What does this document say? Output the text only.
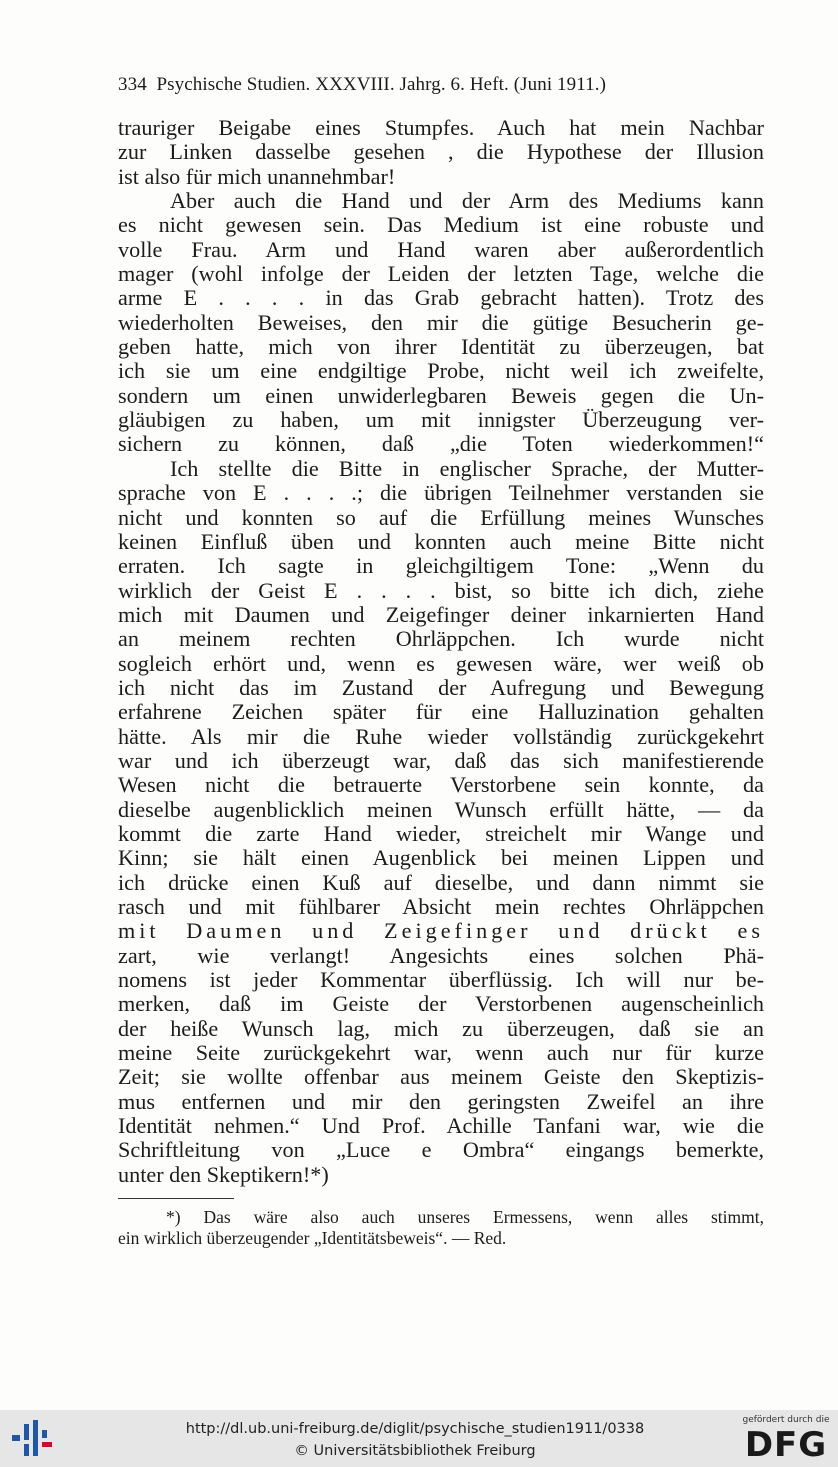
334 Psychische Studien. XXXVIII. Jahrg. 6. Heft. (Juni 1911.)
trauriger Beigabe eines Stumpfes. Auch hat mein Nachbar
zur Linken dasselbe gesehen , die Hypothese der Illusion
ist also für mich unannehmbar!
Aber auch die Hand und der Arm des Mediums kann
es nicht gewesen sein. Das Medium ist eine robuste und
volle Frau. Arm und Hand waren aber außerordentlich
mager (wohl infolge der Leiden der letzten Tage, welche die
arme E . . . . in das Grab gebracht hatten). Trotz des
wiederholten Beweises, den mir die gütige Besucherin ge-
geben hatte, mich von ihrer Identität zu überzeugen, bat
ich sie um eine endgiltige Probe, nicht weil ich zweifelte,
sondern um einen unwiderlegbaren Beweis gegen die Un-
gläubigen zu haben, um mit innigster Überzeugung ver-
sichern zu können, daß „die Toten wiederkommen!“
Ich stellte die Bitte in englischer Sprache, der Mutter-
sprache von E . . . .; die übrigen Teilnehmer verstanden sie
nicht und konnten so auf die Erfüllung meines Wunsches
keinen Einfluß üben und konnten auch meine Bitte nicht
erraten. Ich sagte in gleichgiltigem Tone: „Wenn du
wirklich der Geist E . . . . bist, so bitte ich dich, ziehe
mich mit Daumen und Zeigefinger deiner inkarnierten Hand
an meinem rechten Ohrläppchen. Ich wurde nicht
sogleich erhört und, wenn es gewesen wäre, wer weiß ob
ich nicht das im Zustand der Aufregung und Bewegung
erfahrene Zeichen später für eine Halluzination gehalten
hätte. Als mir die Ruhe wieder vollständig zurückgekehrt
war und ich überzeugt war, daß das sich manifestierende
Wesen nicht die betrauerte Verstorbene sein konnte, da
dieselbe augenblicklich meinen Wunsch erfüllt hätte, — da
kommt die zarte Hand wieder, streichelt mir Wange und
Kinn; sie hält einen Augenblick bei meinen Lippen und
ich drücke einen Kuß auf dieselbe, und dann nimmt sie
rasch und mit fühlbarer Absicht mein rechtes Ohrläppchen
mit Daumen und Zeigefinger und drückt es
zart, wie verlangt! Angesichts eines solchen Phä-
nomens ist jeder Kommentar überflüssig. Ich will nur be-
merken, daß im Geiste der Verstorbenen augenscheinlich
der heiße Wunsch lag, mich zu überzeugen, daß sie an
meine Seite zurückgekehrt war, wenn auch nur für kurze
Zeit; sie wollte offenbar aus meinem Geiste den Skeptizis-
mus entfernen und mir den geringsten Zweifel an ihre
Identität nehmen.“ Und Prof. Achille Tanfani war, wie die
Schriftleitung von „Luce e Ombra“ eingangs bemerkte,
unter den Skeptikern!*)
*) Das wäre also auch unseres Ermessens, wenn alles stimmt,
ein wirklich überzeugender „Identitätsbeweis“. — Red.
http://dl.ub.uni-freiburg.de/diglit/psychische_studien1911/0338
© Universitätsbibliothek Freiburg
gefördert durch die
DFG
